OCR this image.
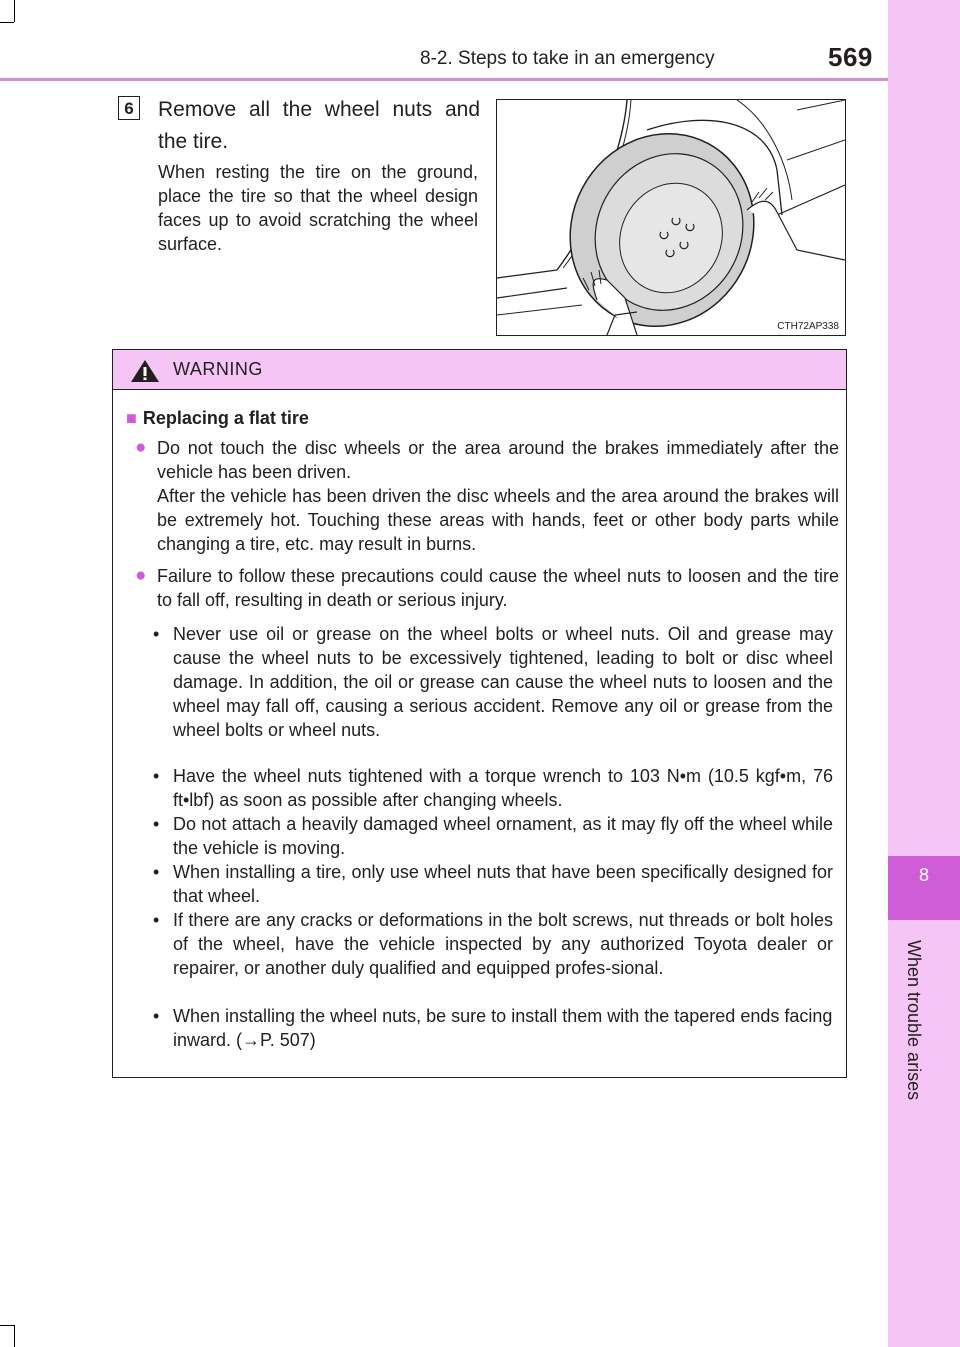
8-2. Steps to take in an emergency	569
8
When trouble arises
6 Remove all the wheel nuts and the tire.
When resting the tire on the ground, place the tire so that the wheel design faces up to avoid scratching the wheel surface.
CTH72AP338
WARNING
■ Replacing a flat tire
● Do not touch the disc wheels or the area around the brakes immediately after the vehicle has been driven.

After the vehicle has been driven the disc wheels and the area around the brakes will be extremely hot. Touching these areas with hands, feet or other body parts while changing a tire, etc. may result in burns.

● Failure to follow these precautions could cause the wheel nuts to loosen and the tire to fall off, resulting in death or serious injury.

• Never use oil or grease on the wheel bolts or wheel nuts. Oil and grease may cause the wheel nuts to be excessively tightened, leading to bolt or disc wheel damage. In addition, the oil or grease can cause the wheel nuts to loosen and the wheel may fall off, causing a serious accident. Remove any oil or grease from the wheel bolts or wheel nuts.

• Have the wheel nuts tightened with a torque wrench to 103 N•m (10.5 kgf•m, 76 ft•lbf) as soon as possible after changing wheels.

• Do not attach a heavily damaged wheel ornament, as it may fly off the wheel while the vehicle is moving.

• When installing a tire, only use wheel nuts that have been specifically designed for that wheel.

• If there are any cracks or deformations in the bolt screws, nut threads or bolt holes of the wheel, have the vehicle inspected by any authorized Toyota dealer or repairer, or another duly qualified and equipped profes-sional.

• When installing the wheel nuts, be sure to install them with the tapered ends facing inward. (→P. 507)
